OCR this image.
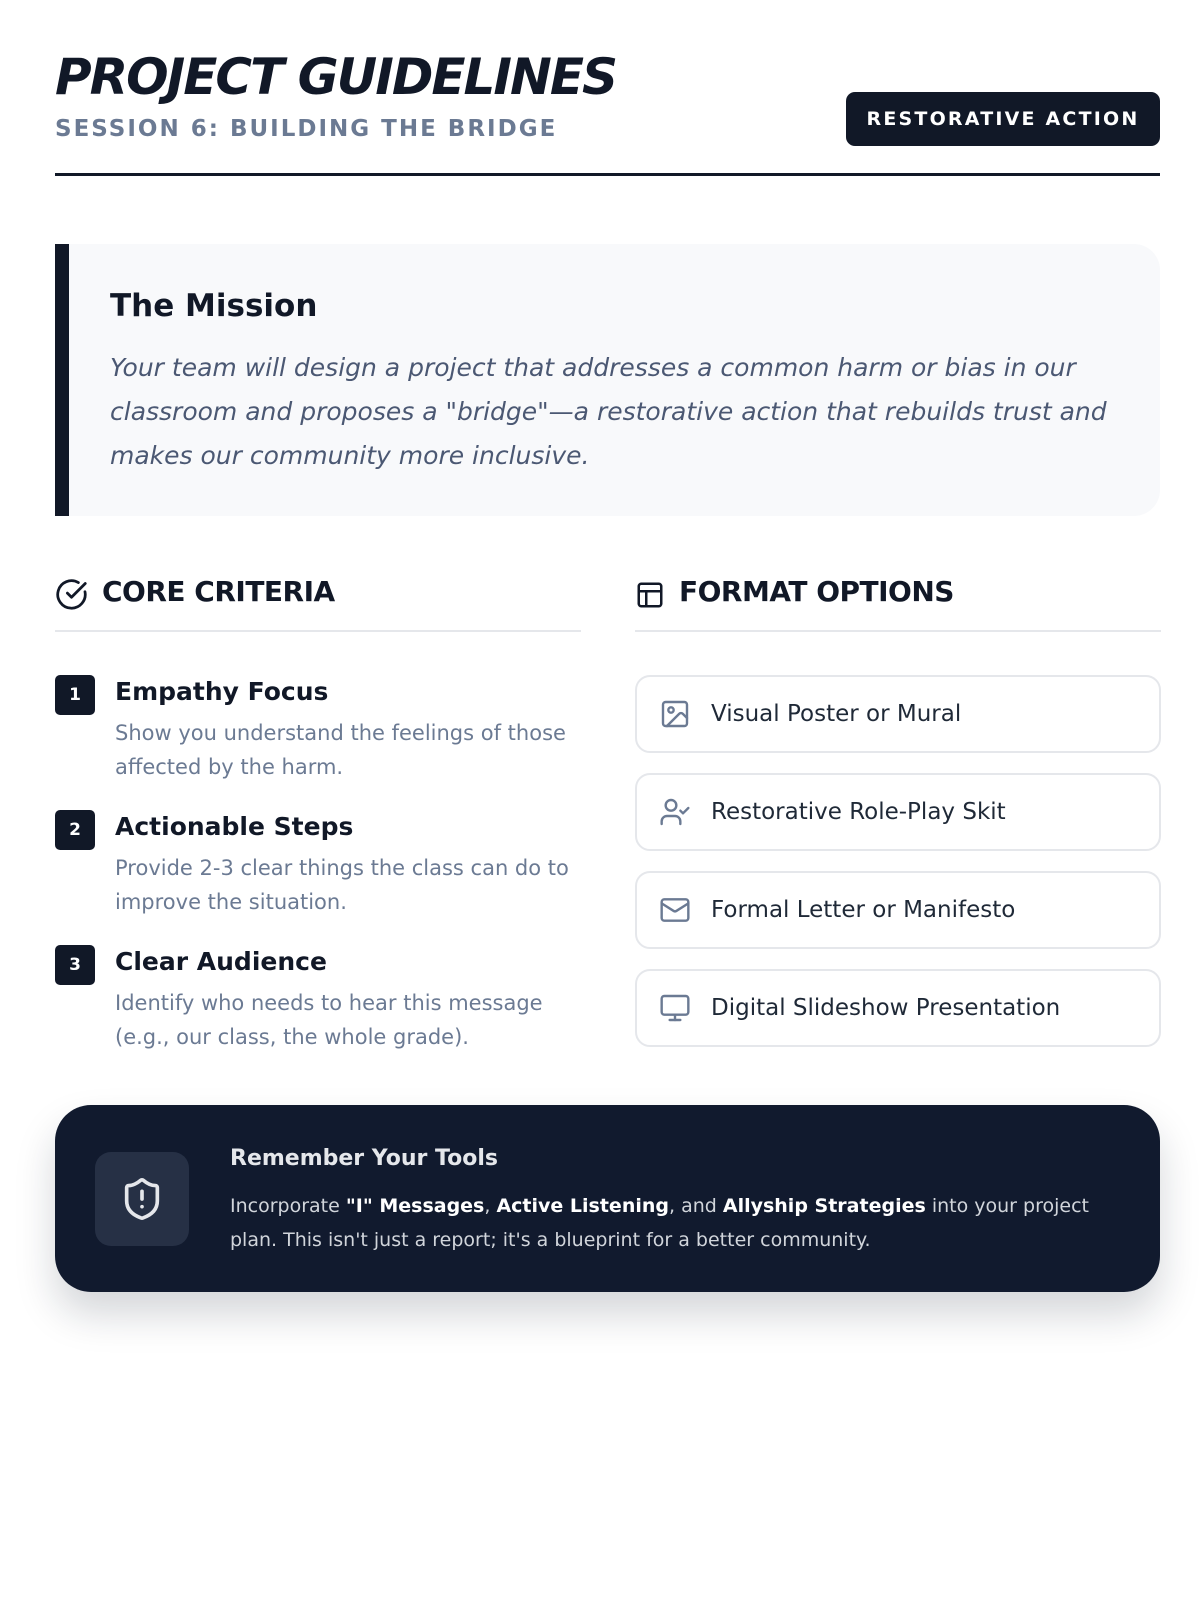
PROJECT GUIDELINES
SESSION 6: BUILDING THE BRIDGE	RESTORATIVE ACTION
The Mission
Your team will design a project that addresses a common harm or bias in our classroom and proposes a "bridge"—a restorative action that rebuilds trust and makes our community more inclusive.
CORE CRITERIA
1	Empathy Focus
Show you understand the feelings of those affected by the harm.
2	Actionable Steps
Provide 2-3 clear things the class can do to improve the situation.
3	Clear Audience
Identify who needs to hear this message (e.g., our class, the whole grade).
FORMAT OPTIONS
Visual Poster or Mural
Restorative Role-Play Skit
Formal Letter or Manifesto
Digital Slideshow Presentation
Remember Your Tools
Incorporate "I" Messages, Active Listening, and Allyship Strategies into your project plan. This isn't just a report; it's a blueprint for a better community.
